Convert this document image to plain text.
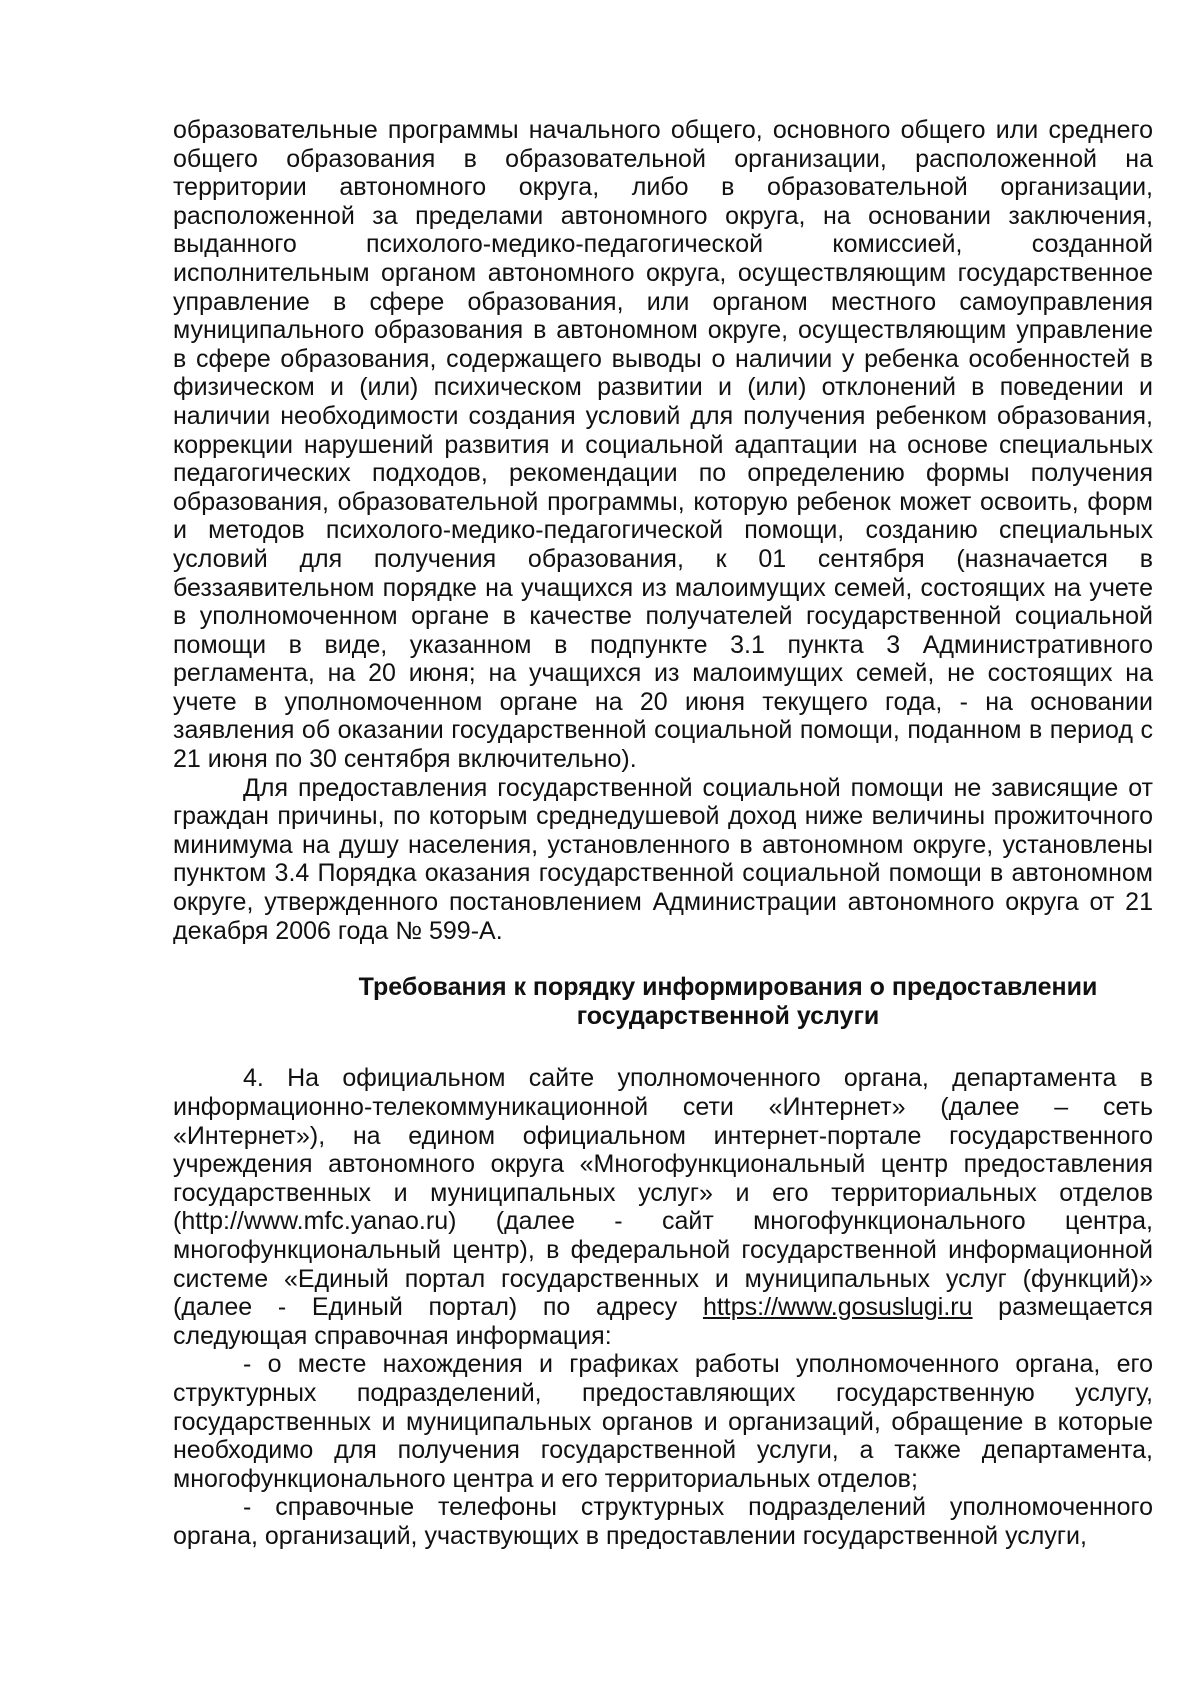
образовательные программы начального общего, основного общего или среднего общего образования в образовательной организации, расположенной на территории автономного округа, либо в образовательной организации, расположенной за пределами автономного округа, на основании заключения, выданного психолого-медико-педагогической комиссией, созданной исполнительным органом автономного округа, осуществляющим государственное управление в сфере образования, или органом местного самоуправления муниципального образования в автономном округе, осуществляющим управление в сфере образования, содержащего выводы о наличии у ребенка особенностей в физическом и (или) психическом развитии и (или) отклонений в поведении и наличии необходимости создания условий для получения ребенком образования, коррекции нарушений развития и социальной адаптации на основе специальных педагогических подходов, рекомендации по определению формы получения образования, образовательной программы, которую ребенок может освоить, форм и методов психолого-медико-педагогической помощи, созданию специальных условий для получения образования, к 01 сентября (назначается в беззаявительном порядке на учащихся из малоимущих семей, состоящих на учете в уполномоченном органе в качестве получателей государственной социальной помощи в виде, указанном в подпункте 3.1 пункта 3 Административного регламента, на 20 июня; на учащихся из малоимущих семей, не состоящих на учете в уполномоченном органе на 20 июня текущего года, - на основании заявления об оказании государственной социальной помощи, поданном в период с 21 июня по 30 сентября включительно).

Для предоставления государственной социальной помощи не зависящие от граждан причины, по которым среднедушевой доход ниже величины прожиточного минимума на душу населения, установленного в автономном округе, установлены пунктом 3.4 Порядка оказания государственной социальной помощи в автономном округе, утвержденного постановлением Администрации автономного округа от 21 декабря 2006 года № 599-А.

Требования к порядку информирования о предоставлении
государственной услуги

4. На официальном сайте уполномоченного органа, департамента в информационно-телекоммуникационной сети «Интернет» (далее – сеть «Интернет»), на едином официальном интернет-портале государственного учреждения автономного округа «Многофункциональный центр предоставления государственных и муниципальных услуг» и его территориальных отделов (http://www.mfc.yanao.ru) (далее - сайт многофункционального центра, многофункциональный центр), в федеральной государственной информационной системе «Единый портал государственных и муниципальных услуг (функций)» (далее - Единый портал) по адресу https://www.gosuslugi.ru размещается следующая справочная информация:

- о месте нахождения и графиках работы уполномоченного органа, его структурных подразделений, предоставляющих государственную услугу, государственных и муниципальных органов и организаций, обращение в которые необходимо для получения государственной услуги, а также департамента, многофункционального центра и его территориальных отделов;

- справочные телефоны структурных подразделений уполномоченного органа, организаций, участвующих в предоставлении государственной услуги,
